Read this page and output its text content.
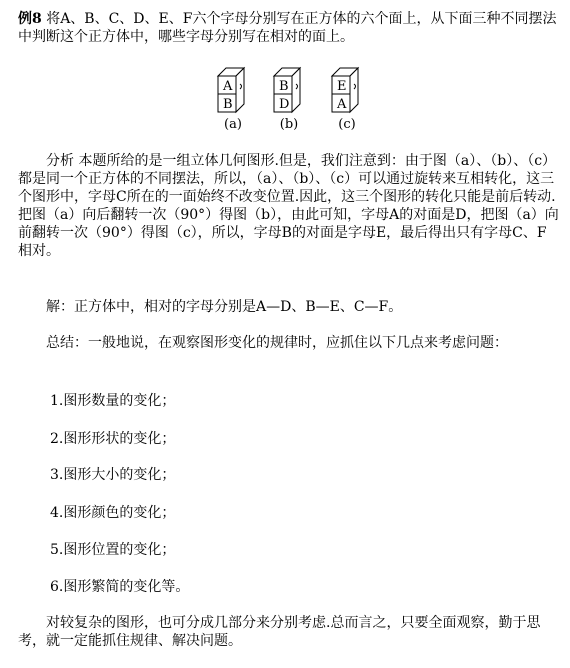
例8 将A、B、C、D、E、F六个字母分别写在正方体的六个面上，从下面三种不同摆法中判断这个正方体中，哪些字母分别写在相对的面上。

A
B
(a)
B
D
(b)
E
A
(c)

分析 本题所给的是一组立体几何图形.但是，我们注意到：由于图（a）、（b）、（c）都是同一个正方体的不同摆法，所以，（a）、（b）、（c）可以通过旋转来互相转化，这三个图形中，字母C所在的一面始终不改变位置.因此，这三个图形的转化只能是前后转动.把图（a）向后翻转一次（90°）得图（b），由此可知，字母A的对面是D，把图（a）向前翻转一次（90°）得图（c），所以，字母B的对面是字母E，最后得出只有字母C、F相对。

解：正方体中，相对的字母分别是A—D、B—E、C—F。

总结：一般地说，在观察图形变化的规律时，应抓住以下几点来考虑问题：

1.图形数量的变化；

2.图形形状的变化；

3.图形大小的变化；

4.图形颜色的变化；

5.图形位置的变化；

6.图形繁简的变化等。

对较复杂的图形，也可分成几部分来分别考虑.总而言之，只要全面观察，勤于思考，就一定能抓住规律、解决问题。
